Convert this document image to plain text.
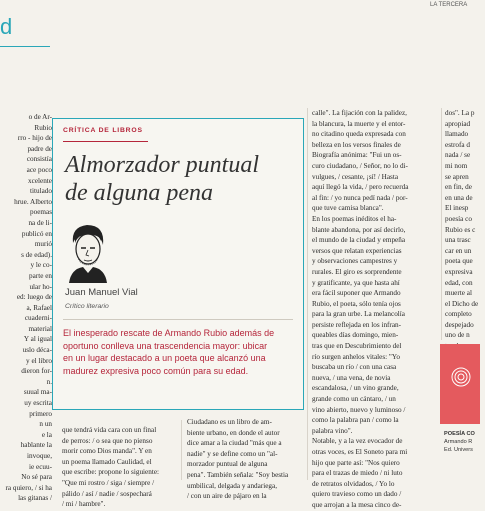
LA TERCERA
d

o de Ar-

Rubio

rro - hijo de

padre de

consistía

ace poco

xcelente

titulado

hrue. Alberto

poemas

na de li-

publicó en

murió

s de edad).

y le co-

parte en

ular ho-

ed: luego de

a, Rafael

cuaderni-

material

Y al igual

uslo déca-

y el libro

dieron for-

n.

suual ma-

uy escrita

primero

n un

e la

hablante la

invoque,

ie ecuu-

No sé para

ra quiero, / si ha

las gitanas /

CRÍTICA DE LIBROS
Almorzador puntual
de alguna pena
Juan Manuel Vial
Crítico literario
El inesperado rescate de Armando Rubio además de
oportuno conlleva una trascendencia mayor: ubicar
en un lugar destacado a un poeta que alcanzó una
madurez expresiva poco común para su edad.

que tendrá vida cara con un final

de perros: / o sea que no pienso

morir como Dios manda". Y en

un poema llamado Caulidad, el

que escribe: propone lo siguiente:

"Que mi rostro / siga / siempre /

pálido / así / nadie / sospechará

/ mi / hambre".

Ciudadano es un libro de am-

biente urbano, en donde el autor

dice amar a la ciudad "más que a

nadie" y se define como un "al-

morzador puntual de alguna

pena". También señala: "Soy bestia

umbilical, delgada y andariega,

/ con un aire de pájaro en la

calle". La fijación con la palidez,

la blancura, la muerte y el entor-

no citadino queda expresada con

belleza en los versos finales de

Biografía anónima: "Fui un os-

curo ciudadano, / Señor, no lo di-

vulgues, / cesante, ¡sí! / Hasta

aquí llegó la vida, / pero recuerda

al fin: / yo nunca pedí nada / por-

que tuve camisa blanca".

En los poemas inéditos el ha-

blante abandona, por así decirlo,

el mundo de la ciudad y empeña

versos que relatan experiencias

y observaciones campestres y

rurales. El giro es sorprendente

y gratificante, ya que hasta ahí

era fácil suponer que Armando

Rubio, el poeta, sólo tenía ojos

para la gran urbe. La melancolía

persiste reflejada en los infran-

queables días domingo, mien-

tras que en Descubrimiento del

río surgen anhelos vitales: "Yo

buscaba un río / con una casa

nueva, / una vena, de novia

escandalosa, / un vino grande,

grande como un cántaro, / un

vino abierto, nuevo y luminoso /

como la palabra pan / como la

palabra vino".

Notable, y a la vez evocador de

otras voces, es El Soneto para mi

hijo que parte así: "Nos quiero

para el trazas de miedo / ni luto

de retratos olvidados, / Yo lo

quiero travieso como un dado /

que arrojan a la mesa cinco de-

dos". La p

apropiad

llamado

estrofa d

nada / se

mi nom

se apren

en fin, de

en una de

El inesp

poesía co

Rubio es c

una trasc

car en un

poeta que

expresiva

edad, con

muerte al

el Dicho de

completo

despejado

uno de n

POESÍA CO
Armando R
Ed. Univers
